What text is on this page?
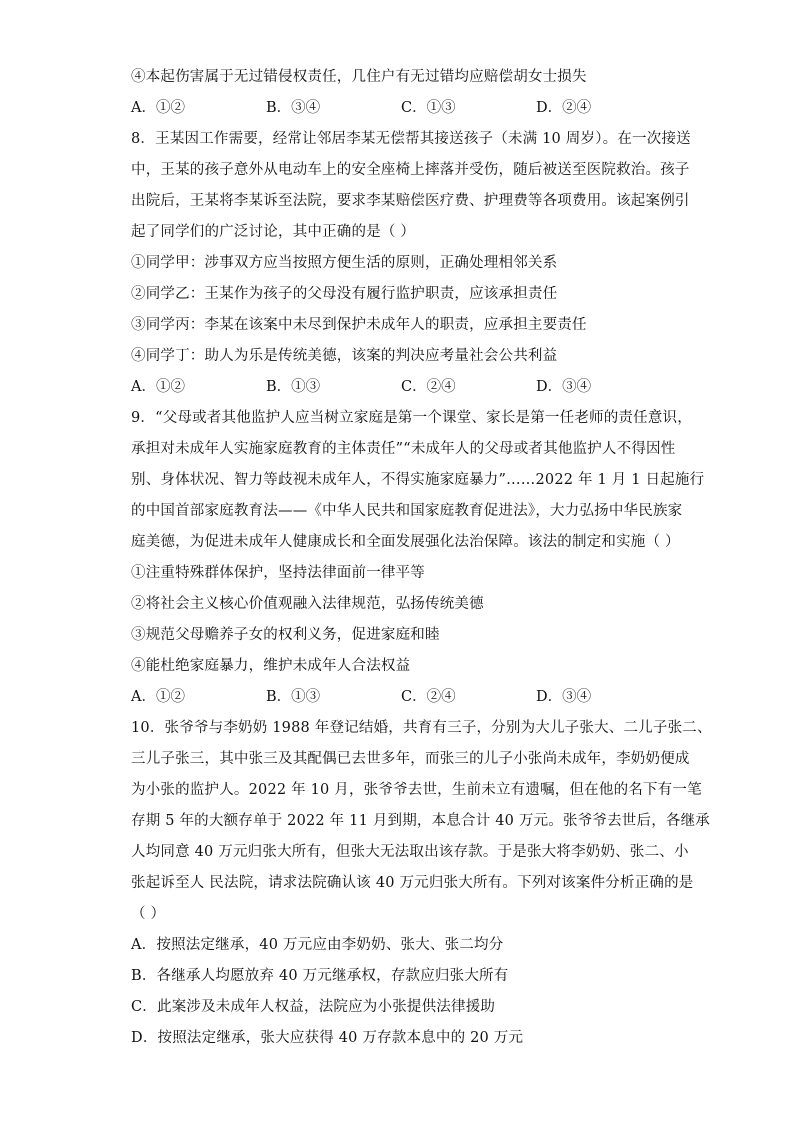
④本起伤害属于无过错侵权责任，几住户有无过错均应赔偿胡女士损失
A．①②	B．③④	C．①③	D．②④
8．王某因工作需要，经常让邻居李某无偿帮其接送孩子（未满 10 周岁）。在一次接送
中，王某的孩子意外从电动车上的安全座椅上摔落并受伤，随后被送至医院救治。孩子
出院后，王某将李某诉至法院，要求李某赔偿医疗费、护理费等各项费用。该起案例引
起了同学们的广泛讨论，其中正确的是（ ）
①同学甲：涉事双方应当按照方便生活的原则，正确处理相邻关系
②同学乙：王某作为孩子的父母没有履行监护职责，应该承担责任
③同学丙：李某在该案中未尽到保护未成年人的职责，应承担主要责任
④同学丁：助人为乐是传统美德，该案的判决应考量社会公共利益
A．①②	B．①③	C．②④	D．③④
9．“父母或者其他监护人应当树立家庭是第一个课堂、家长是第一任老师的责任意识，
承担对未成年人实施家庭教育的主体责任”“未成年人的父母或者其他监护人不得因性
别、身体状况、智力等歧视未成年人，不得实施家庭暴力”……2022 年 1 月 1 日起施行
的中国首部家庭教育法——《中华人民共和国家庭教育促进法》，大力弘扬中华民族家
庭美德，为促进未成年人健康成长和全面发展强化法治保障。该法的制定和实施（ ）
①注重特殊群体保护，坚持法律面前一律平等
②将社会主义核心价值观融入法律规范，弘扬传统美德
③规范父母赡养子女的权利义务，促进家庭和睦
④能杜绝家庭暴力，维护未成年人合法权益
A．①②	B．①③	C．②④	D．③④
10．张爷爷与李奶奶 1988 年登记结婚，共育有三子，分别为大儿子张大、二儿子张二、
三儿子张三，其中张三及其配偶已去世多年，而张三的儿子小张尚未成年，李奶奶便成
为小张的监护人。2022 年 10 月，张爷爷去世，生前未立有遗嘱，但在他的名下有一笔
存期 5 年的大额存单于 2022 年 11 月到期，本息合计 40 万元。张爷爷去世后，各继承
人均同意 40 万元归张大所有，但张大无法取出该存款。于是张大将李奶奶、张二、小
张起诉至人 民法院，请求法院确认该 40 万元归张大所有。下列对该案件分析正确的是
（ ）
A．按照法定继承，40 万元应由李奶奶、张大、张二均分
B．各继承人均愿放弃 40 万元继承权，存款应归张大所有
C．此案涉及未成年人权益，法院应为小张提供法律援助
D．按照法定继承，张大应获得 40 万存款本息中的 20 万元
